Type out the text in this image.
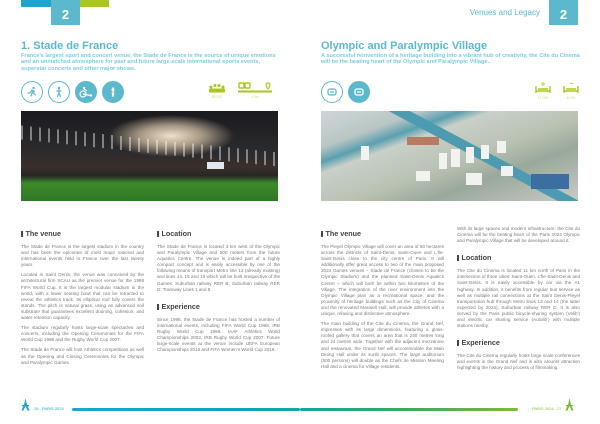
2
1. Stade de France
France's largest sport and concert venue, the Stade de France is the source of unique emotions and an unmatched atmosphere for past and future large-scale international sports events, superstar concerts and other major shows.
80,000	3 km
The venue

The Stade de France is the largest stadium in the country and has been the epicentre of most major national and international events held in France over the last twenty years.

Located in Saint Denis, the venue was conceived by the architectural firm SCAU as the premier venue for the 1998 FIFA World Cup. It is the largest modular stadium in the world, with a lower seating bowl that can be retracted to reveal the athletics track. Its elliptical roof fully covers the stands. The pitch is natural grass, using an advanced soil substrate that guarantees excellent draining, cohesion, and water-retention capacity.

The stadium regularly hosts large-scale spectacles and concerts, including the Opening Ceremonies for the FIFA World Cup 1998 and the Rugby World Cup 2007.

The Stade de France will host Athletics competitions as well as the Opening and Closing Ceremonies for the Olympic and Paralympic Games.

Location

The Stade de France is located 3 km west of the Olympic and Paralympic Village and 500 meters from the future Aquatics Centre. The venue is indeed part of a highly compact concept and is easily accessible by one of the following means of transport Metro line 13 (already existing) and lines 14, 15 and 16 which will be built irrespective of the Games; Suburban railway RER B; Suburban railway RER D; Tramway Lines 1 and 8.

Experience

Since 1998, the Stade de France has hosted a number of international events, including FIFA World Cup 1998, IRB Rugby World Cup 1999, IAAF Athletics World Championships 2003, IRB Rugby World Cup 2007. Future large-scale events at the venue include UEFA European Championships 2016 and FIFA Women's World Cup 2019.

26 - PARIS 2024
Venues and Legacy	2
Olympic and Paralympic Village
A successful reinvention of a heritage building into a vibrant hub of creativity, the Cite du Cinema will be the beating heart of the Olympic and Paralympic Village..
17,000	8,000
The venue

The Pleyel Olympic Village will cover an area of 50 hectares across the districts of Saint-Denis, Saint-Ouen and L'Île-Saint-Denis close to the city centre of Paris. It will additionally offer great access to two of the main proposed 2024 Games venues – Stade de France (chosen to be the Olympic Stadium) and the planned Saint-Denis Aquatics Centre – which will both be within two kilometres of the Village. The integration of the river environment into the Olympic Village plan as a recreational space, and the proximity of heritage buildings such as the City of Cinema and the renovated Maxwell Hall, will provide athletes with a unique, relaxing and distinctive atmosphere.

The main building of the Cite du Cinema, the Grand Nef, impresses with its large dimensions, featuring a glass-roofed gallery that covers an area that is 240 metres long and 24 metres wide. Together with the adjacent mezzanine and restaurant, the Grand Nef will accommodate the Main Dining Hall under its sunlit spaces. The large auditorium (500 persons) will double as the Chefs de Mission Meeting Hall and a cinema for Village residents.

With its large spaces and modern infrastructure, the Cite du Cinema will be the beating heart of the Paris 2024 Olympic and Paralympic Village that will be developed around it.

Location

The Cite du Cinema is located 11 km north of Paris in the intersection of three cities: Saint-Ouen, L'Île-Saint-Denis and Saint-Denis. It is easily accessible by car via the A1 highway. In addition, it benefits from regular bus service as well as multiple rail connections at the Saint Denis-Pleyel transportation hub through Metro lines 13 and 14 (the latter expected by 2024), Suburban railway RER D. It is also served by the Paris public bicycle-sharing system (Velib') and electric car sharing service (Autolib') with multiple stations nearby.

Experience

The Cite du Cinema regularly hosts large scale conferences and events in the Grand Nef and is also atourist attraction highlighting the history and process of filmmaking.

PARIS 2024 - 27
